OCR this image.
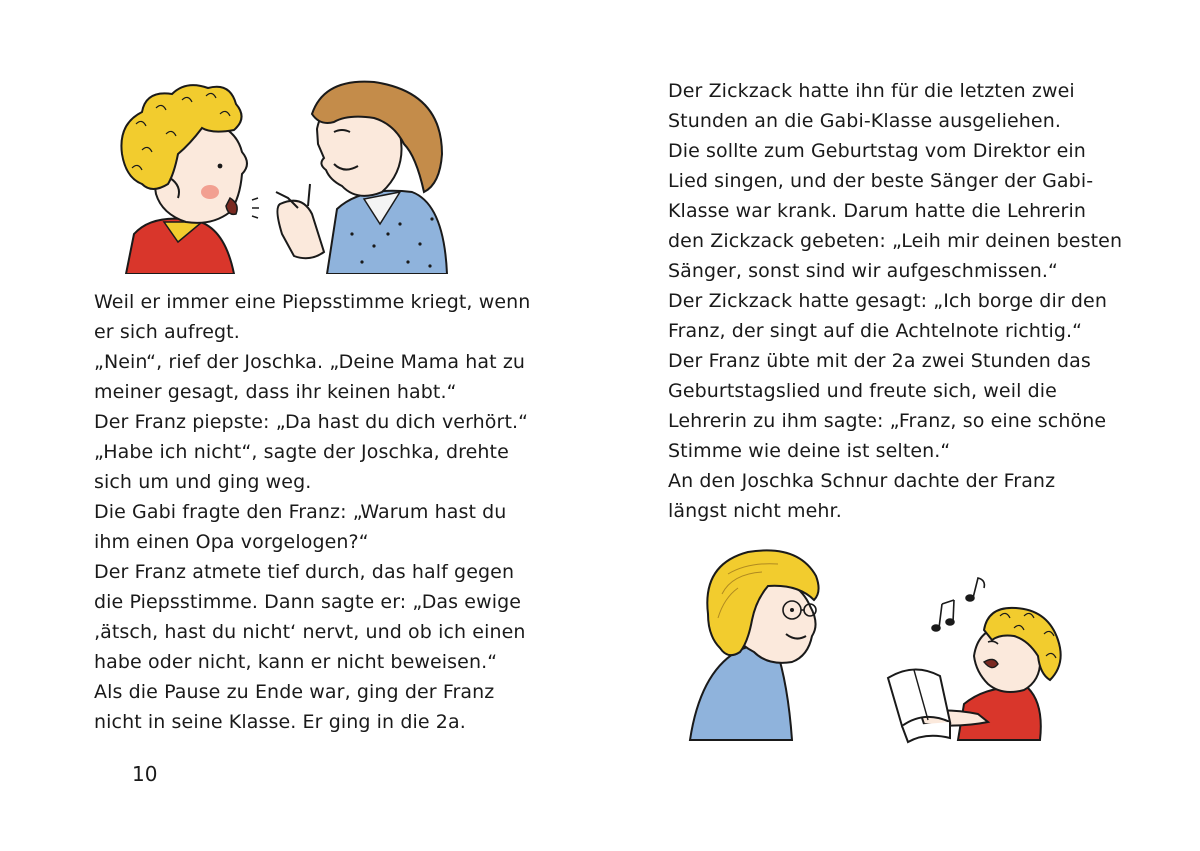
Weil er immer eine Piepsstimme kriegt, wenn
er sich aufregt.
„Nein“, rief der Joschka. „Deine Mama hat zu
meiner gesagt, dass ihr keinen habt.“
Der Franz piepste: „Da hast du dich verhört.“
„Habe ich nicht“, sagte der Joschka, drehte
sich um und ging weg.
Die Gabi fragte den Franz: „Warum hast du
ihm einen Opa vorgelogen?“
Der Franz atmete tief durch, das half gegen
die Piepsstimme. Dann sagte er: „Das ewige
‚ätsch, hast du nicht‘ nervt, und ob ich einen
habe oder nicht, kann er nicht beweisen.“
Als die Pause zu Ende war, ging der Franz
nicht in seine Klasse. Er ging in die 2a.
10
Der Zickzack hatte ihn für die letzten zwei
Stunden an die Gabi-Klasse ausgeliehen.
Die sollte zum Geburtstag vom Direktor ein
Lied singen, und der beste Sänger der Gabi-
Klasse war krank. Darum hatte die Lehrerin
den Zickzack gebeten: „Leih mir deinen besten
Sänger, sonst sind wir aufgeschmissen.“
Der Zickzack hatte gesagt: „Ich borge dir den
Franz, der singt auf die Achtelnote richtig.“
Der Franz übte mit der 2a zwei Stunden das
Geburtstagslied und freute sich, weil die
Lehrerin zu ihm sagte: „Franz, so eine schöne
Stimme wie deine ist selten.“
An den Joschka Schnur dachte der Franz
längst nicht mehr.
